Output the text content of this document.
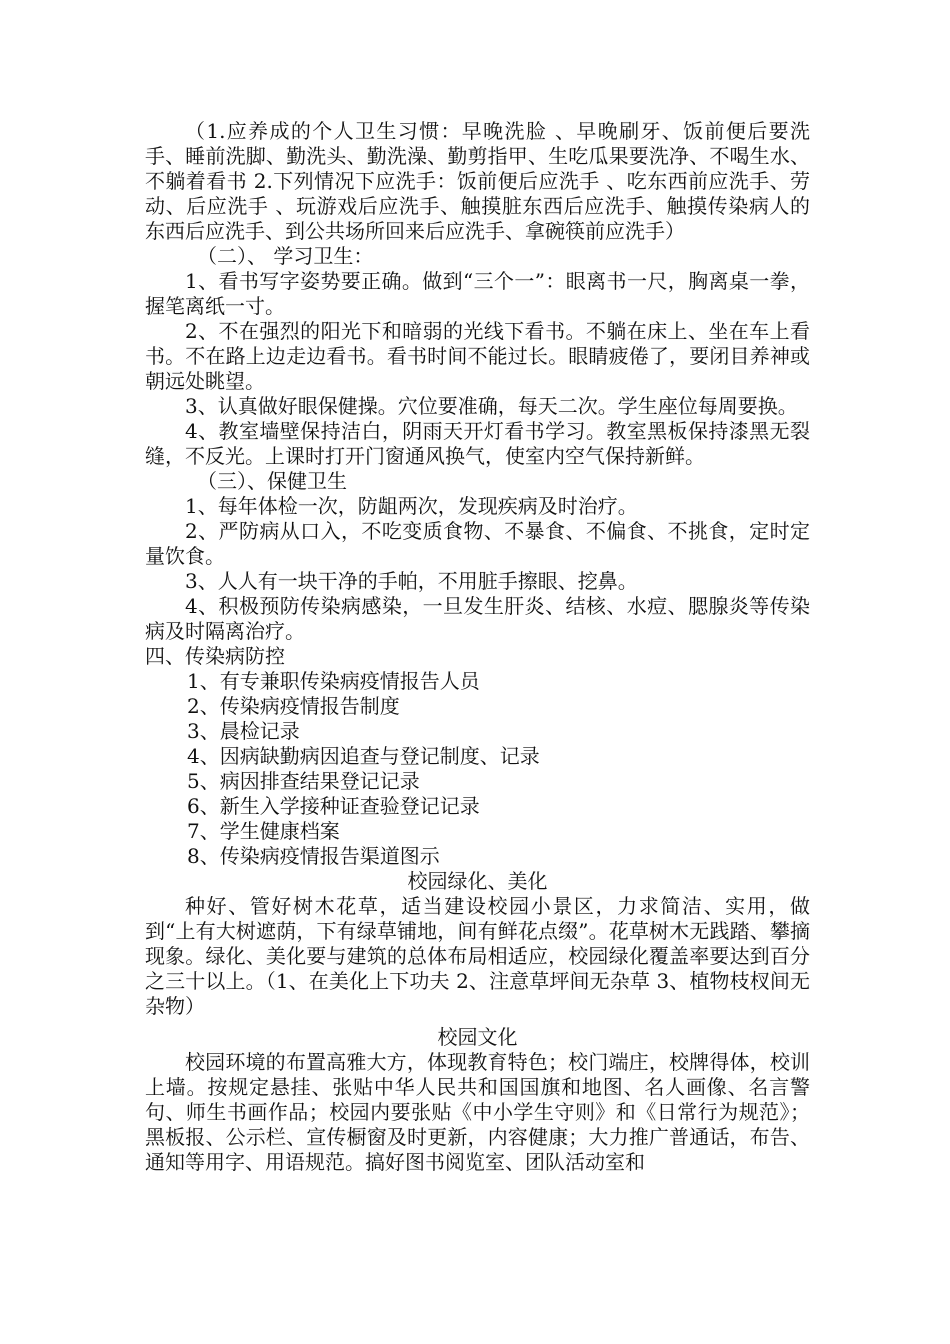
（1.应养成的个人卫生习惯：早晚洗脸 、早晚刷牙、饭前便后要洗手、睡前洗脚、勤洗头、勤洗澡、勤剪指甲、生吃瓜果要洗净、不喝生水、不躺着看书 2.下列情况下应洗手：饭前便后应洗手 、吃东西前应洗手、劳动、后应洗手 、玩游戏后应洗手、触摸脏东西后应洗手、触摸传染病人的东西后应洗手、到公共场所回来后应洗手、拿碗筷前应洗手）

（二）、 学习卫生：

1、看书写字姿势要正确。做到“三个一”：眼离书一尺，胸离桌一拳，握笔离纸一寸。

2、不在强烈的阳光下和暗弱的光线下看书。不躺在床上、坐在车上看书。不在路上边走边看书。看书时间不能过长。眼睛疲倦了，要闭目养神或朝远处眺望。

3、认真做好眼保健操。穴位要准确，每天二次。学生座位每周要换。

4、教室墙壁保持洁白，阴雨天开灯看书学习。教室黑板保持漆黑无裂缝，不反光。上课时打开门窗通风换气，使室内空气保持新鲜。

（三）、保健卫生

1、每年体检一次，防龃两次，发现疾病及时治疗。

2、严防病从口入，不吃变质食物、不暴食、不偏食、不挑食，定时定量饮食。

3、人人有一块干净的手帕，不用脏手擦眼、挖鼻。

4、积极预防传染病感染，一旦发生肝炎、结核、水痘、腮腺炎等传染病及时隔离治疗。

四、传染病防控

1、有专兼职传染病疫情报告人员

2、传染病疫情报告制度

3、晨检记录

4、因病缺勤病因追查与登记制度、记录

5、病因排查结果登记记录

6、新生入学接种证查验登记记录

7、学生健康档案

8、传染病疫情报告渠道图示

校园绿化、美化

种好、管好树木花草，适当建设校园小景区，力求简洁、实用，做到“上有大树遮荫，下有绿草铺地，间有鲜花点缀”。花草树木无践踏、攀摘现象。绿化、美化要与建筑的总体布局相适应，校园绿化覆盖率要达到百分之三十以上。（1、在美化上下功夫 2、注意草坪间无杂草 3、植物枝杈间无杂物）

校园文化

校园环境的布置高雅大方，体现教育特色；校门端庄，校牌得体，校训上墙。按规定悬挂、张贴中华人民共和国国旗和地图、名人画像、名言警句、师生书画作品；校园内要张贴《中小学生守则》和《日常行为规范》；黑板报、公示栏、宣传橱窗及时更新，内容健康；大力推广普通话，布告、通知等用字、用语规范。搞好图书阅览室、团队活动室和
